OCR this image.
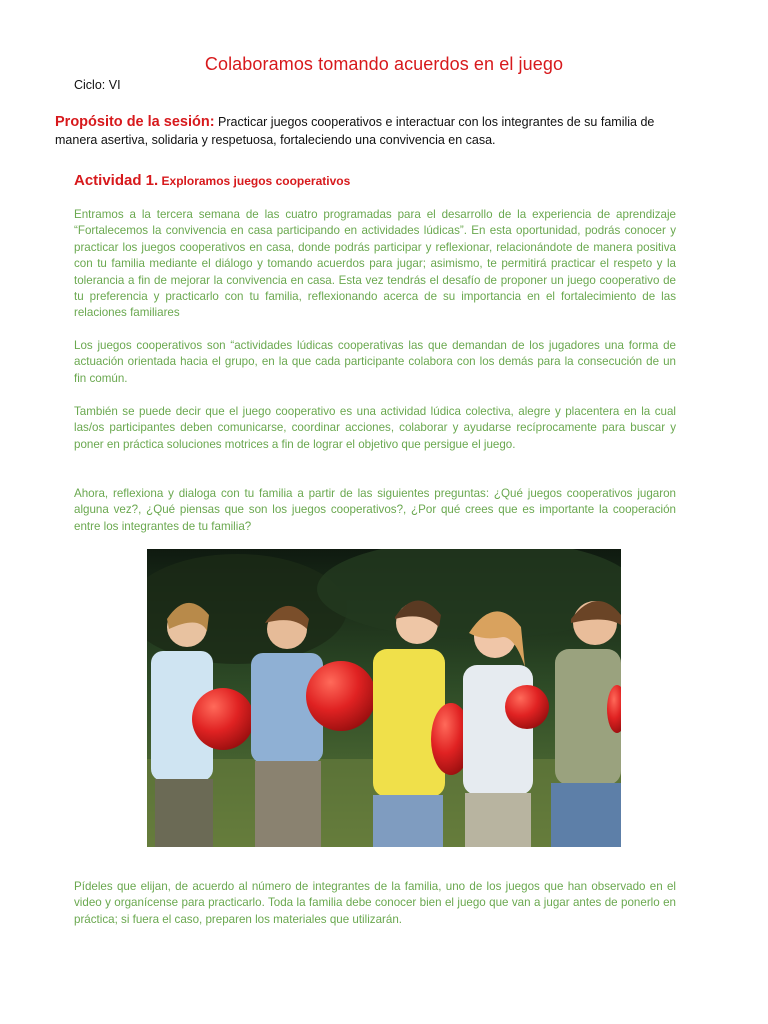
Colaboramos tomando acuerdos en el juego
Ciclo: VI
Propósito de la sesión: Practicar juegos cooperativos e interactuar con los integrantes de su familia de manera asertiva, solidaria y respetuosa, fortaleciendo una convivencia en casa.
Actividad 1. Exploramos juegos cooperativos

Entramos a la tercera semana de las cuatro programadas para el desarrollo de la experiencia de aprendizaje “Fortalecemos la convivencia en casa participando en actividades lúdicas”. En esta oportunidad, podrás conocer y practicar los juegos cooperativos en casa, donde podrás participar y reflexionar, relacionándote de manera positiva con tu familia mediante el diálogo y tomando acuerdos para jugar; asimismo, te permitirá practicar el respeto y la tolerancia a fin de mejorar la convivencia en casa. Esta vez tendrás el desafío de proponer un juego cooperativo de tu preferencia y practicarlo con tu familia, reflexionando acerca de su importancia en el fortalecimiento de las relaciones familiares

Los juegos cooperativos son “actividades lúdicas cooperativas las que demandan de los jugadores una forma de actuación orientada hacia el grupo, en la que cada participante colabora con los demás para la consecución de un fin común.

También se puede decir que el juego cooperativo es una actividad lúdica colectiva, alegre y placentera en la cual las/os participantes deben comunicarse, coordinar acciones, colaborar y ayudarse recíprocamente para buscar y poner en práctica soluciones motrices a fin de lograr el objetivo que persigue el juego.

Ahora, reflexiona y dialoga con tu familia a partir de las siguientes preguntas: ¿Qué juegos cooperativos jugaron alguna vez?, ¿Qué piensas que son los juegos cooperativos?, ¿Por qué crees que es importante la cooperación entre los integrantes de tu familia?

Pídeles que elijan, de acuerdo al número de integrantes de la familia, uno de los juegos que han observado en el video y organícense para practicarlo. Toda la familia debe conocer bien el juego que van a jugar antes de ponerlo en práctica; si fuera el caso, preparen los materiales que utilizarán.
